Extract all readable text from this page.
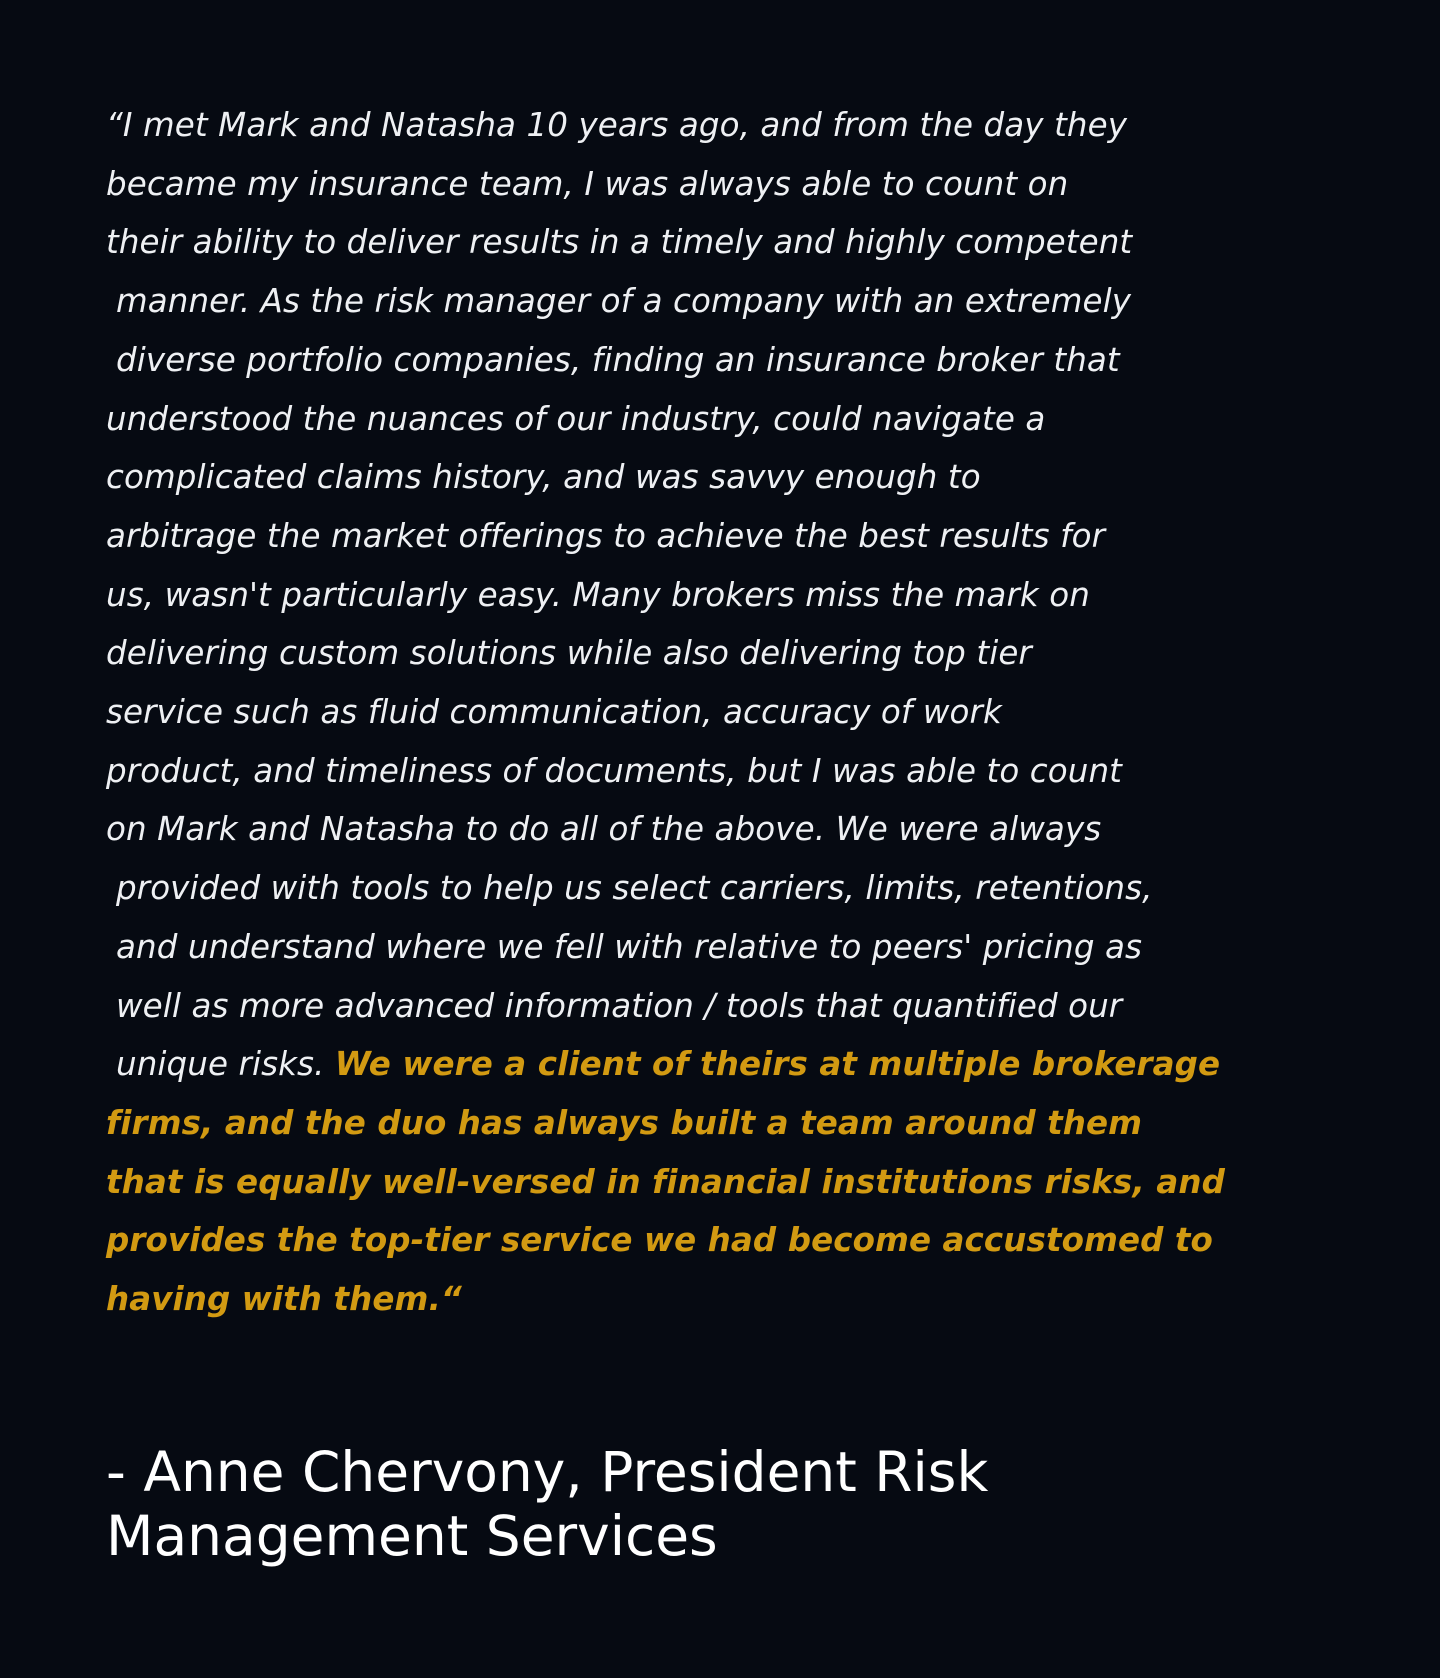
“I met Mark and Natasha 10 years ago, and from the day they
became my insurance team, I was always able to count on
their ability to deliver results in a timely and highly competent
manner. As the risk manager of a company with an extremely
diverse portfolio companies, finding an insurance broker that
understood the nuances of our industry, could navigate a
complicated claims history, and was savvy enough to
arbitrage the market offerings to achieve the best results for
us, wasn't particularly easy. Many brokers miss the mark on
delivering custom solutions while also delivering top tier
service such as fluid communication, accuracy of work
product, and timeliness of documents, but I was able to count
on Mark and Natasha to do all of the above. We were always
provided with tools to help us select carriers, limits, retentions,
and understand where we fell with relative to peers' pricing as
well as more advanced information / tools that quantified our
unique risks. We were a client of theirs at multiple brokerage
firms, and the duo has always built a team around them
that is equally well-versed in financial institutions risks, and
provides the top-tier service we had become accustomed to
having with them.“

- Anne Chervony, President Risk
Management Services
